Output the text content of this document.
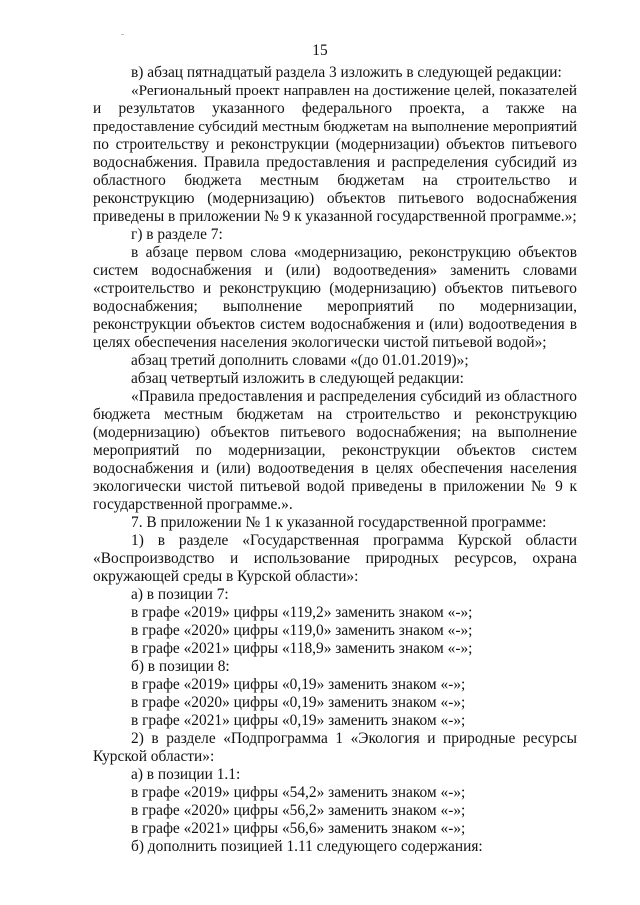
15
в) абзац пятнадцатый раздела 3 изложить в следующей редакции:
«Региональный проект направлен на достижение целей, показателей
и результатов указанного федерального проекта, а также на
предоставление субсидий местным бюджетам на выполнение мероприятий
по строительству и реконструкции (модернизации) объектов питьевого
водоснабжения. Правила предоставления и распределения субсидий из
областного бюджета местным бюджетам на строительство и
реконструкцию (модернизацию) объектов питьевого водоснабжения
приведены в приложении № 9 к указанной государственной программе.»;
г) в разделе 7:
в абзаце первом слова «модернизацию, реконструкцию объектов
систем водоснабжения и (или) водоотведения» заменить словами
«строительство и реконструкцию (модернизацию) объектов питьевого
водоснабжения; выполнение мероприятий по модернизации,
реконструкции объектов систем водоснабжения и (или) водоотведения в
целях обеспечения населения экологически чистой питьевой водой»;
абзац третий дополнить словами «(до 01.01.2019)»;
абзац четвертый изложить в следующей редакции:
«Правила предоставления и распределения субсидий из областного
бюджета местным бюджетам на строительство и реконструкцию
(модернизацию) объектов питьевого водоснабжения; на выполнение
мероприятий по модернизации, реконструкции объектов систем
водоснабжения и (или) водоотведения в целях обеспечения населения
экологически чистой питьевой водой приведены в приложении № 9 к
государственной программе.».
7. В приложении № 1 к указанной государственной программе:
1) в разделе «Государственная программа Курской области
«Воспроизводство и использование природных ресурсов, охрана
окружающей среды в Курской области»:
а) в позиции 7:
в графе «2019» цифры «119,2» заменить знаком «-»;
в графе «2020» цифры «119,0» заменить знаком «-»;
в графе «2021» цифры «118,9» заменить знаком «-»;
б) в позиции 8:
в графе «2019» цифры «0,19» заменить знаком «-»;
в графе «2020» цифры «0,19» заменить знаком «-»;
в графе «2021» цифры «0,19» заменить знаком «-»;
2) в разделе «Подпрограмма 1 «Экология и природные ресурсы
Курской области»:
а) в позиции 1.1:
в графе «2019» цифры «54,2» заменить знаком «-»;
в графе «2020» цифры «56,2» заменить знаком «-»;
в графе «2021» цифры «56,6» заменить знаком «-»;
б) дополнить позицией 1.11 следующего содержания:
